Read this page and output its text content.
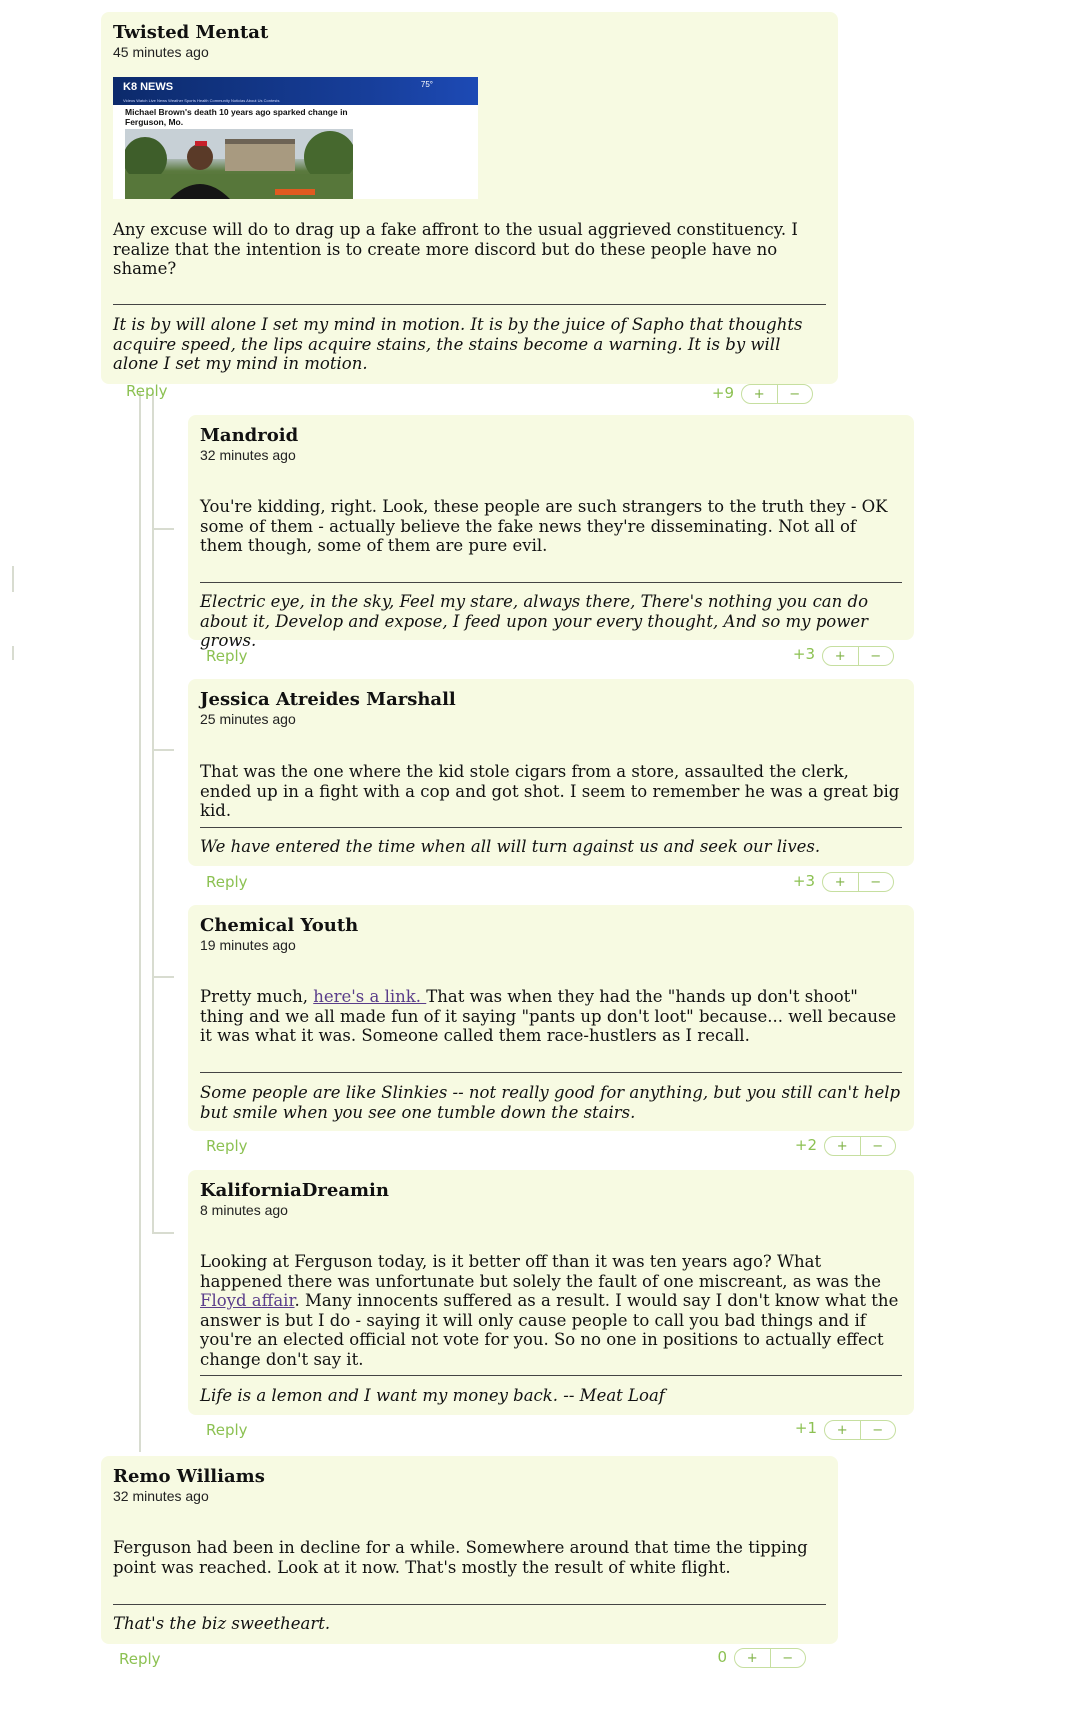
Twisted Mentat

45 minutes ago

K8 NEWS	75°
Videos Watch Live News Weather Sports Health Community Noticias About Us Contests
Michael Brown's death 10 years ago sparked change in Ferguson, Mo.

Any excuse will do to drag up a fake affront to the usual aggrieved constituency. I realize that the intention is to create more discord but do these people have no shame?

It is by will alone I set my mind in motion. It is by the juice of Sapho that thoughts acquire speed, the lips acquire stains, the stains become a warning. It is by will alone I set my mind in motion.
Reply	+9	+	−

Mandroid

32 minutes ago

You're kidding, right. Look, these people are such strangers to the truth they - OK some of them - actually believe the fake news they're disseminating. Not all of them though, some of them are pure evil.

Electric eye, in the sky, Feel my stare, always there, There's nothing you can do about it, Develop and expose, I feed upon your every thought, And so my power grows.
Reply	+3	+	−

Jessica Atreides Marshall

25 minutes ago

That was the one where the kid stole cigars from a store, assaulted the clerk, ended up in a fight with a cop and got shot. I seem to remember he was a great big kid.

We have entered the time when all will turn against us and seek our lives.
Reply	+3	+	−

Chemical Youth

19 minutes ago

Pretty much, here's a link. That was when they had the "hands up don't shoot" thing and we all made fun of it saying "pants up don't loot" because... well because it was what it was. Someone called them race-hustlers as I recall.

Some people are like Slinkies -- not really good for anything, but you still can't help but smile when you see one tumble down the stairs.
Reply	+2	+	−

KaliforniaDreamin

8 minutes ago

Looking at Ferguson today, is it better off than it was ten years ago? What happened there was unfortunate but solely the fault of one miscreant, as was the Floyd affair. Many innocents suffered as a result. I would say I don't know what the answer is but I do - saying it will only cause people to call you bad things and if you're an elected official not vote for you. So no one in positions to actually effect change don't say it.

Life is a lemon and I want my money back. -- Meat Loaf
Reply	+1	+	−

Remo Williams

32 minutes ago

Ferguson had been in decline for a while. Somewhere around that time the tipping point was reached. Look at it now. That's mostly the result of white flight.

That's the biz sweetheart.
Reply	0	+	−
